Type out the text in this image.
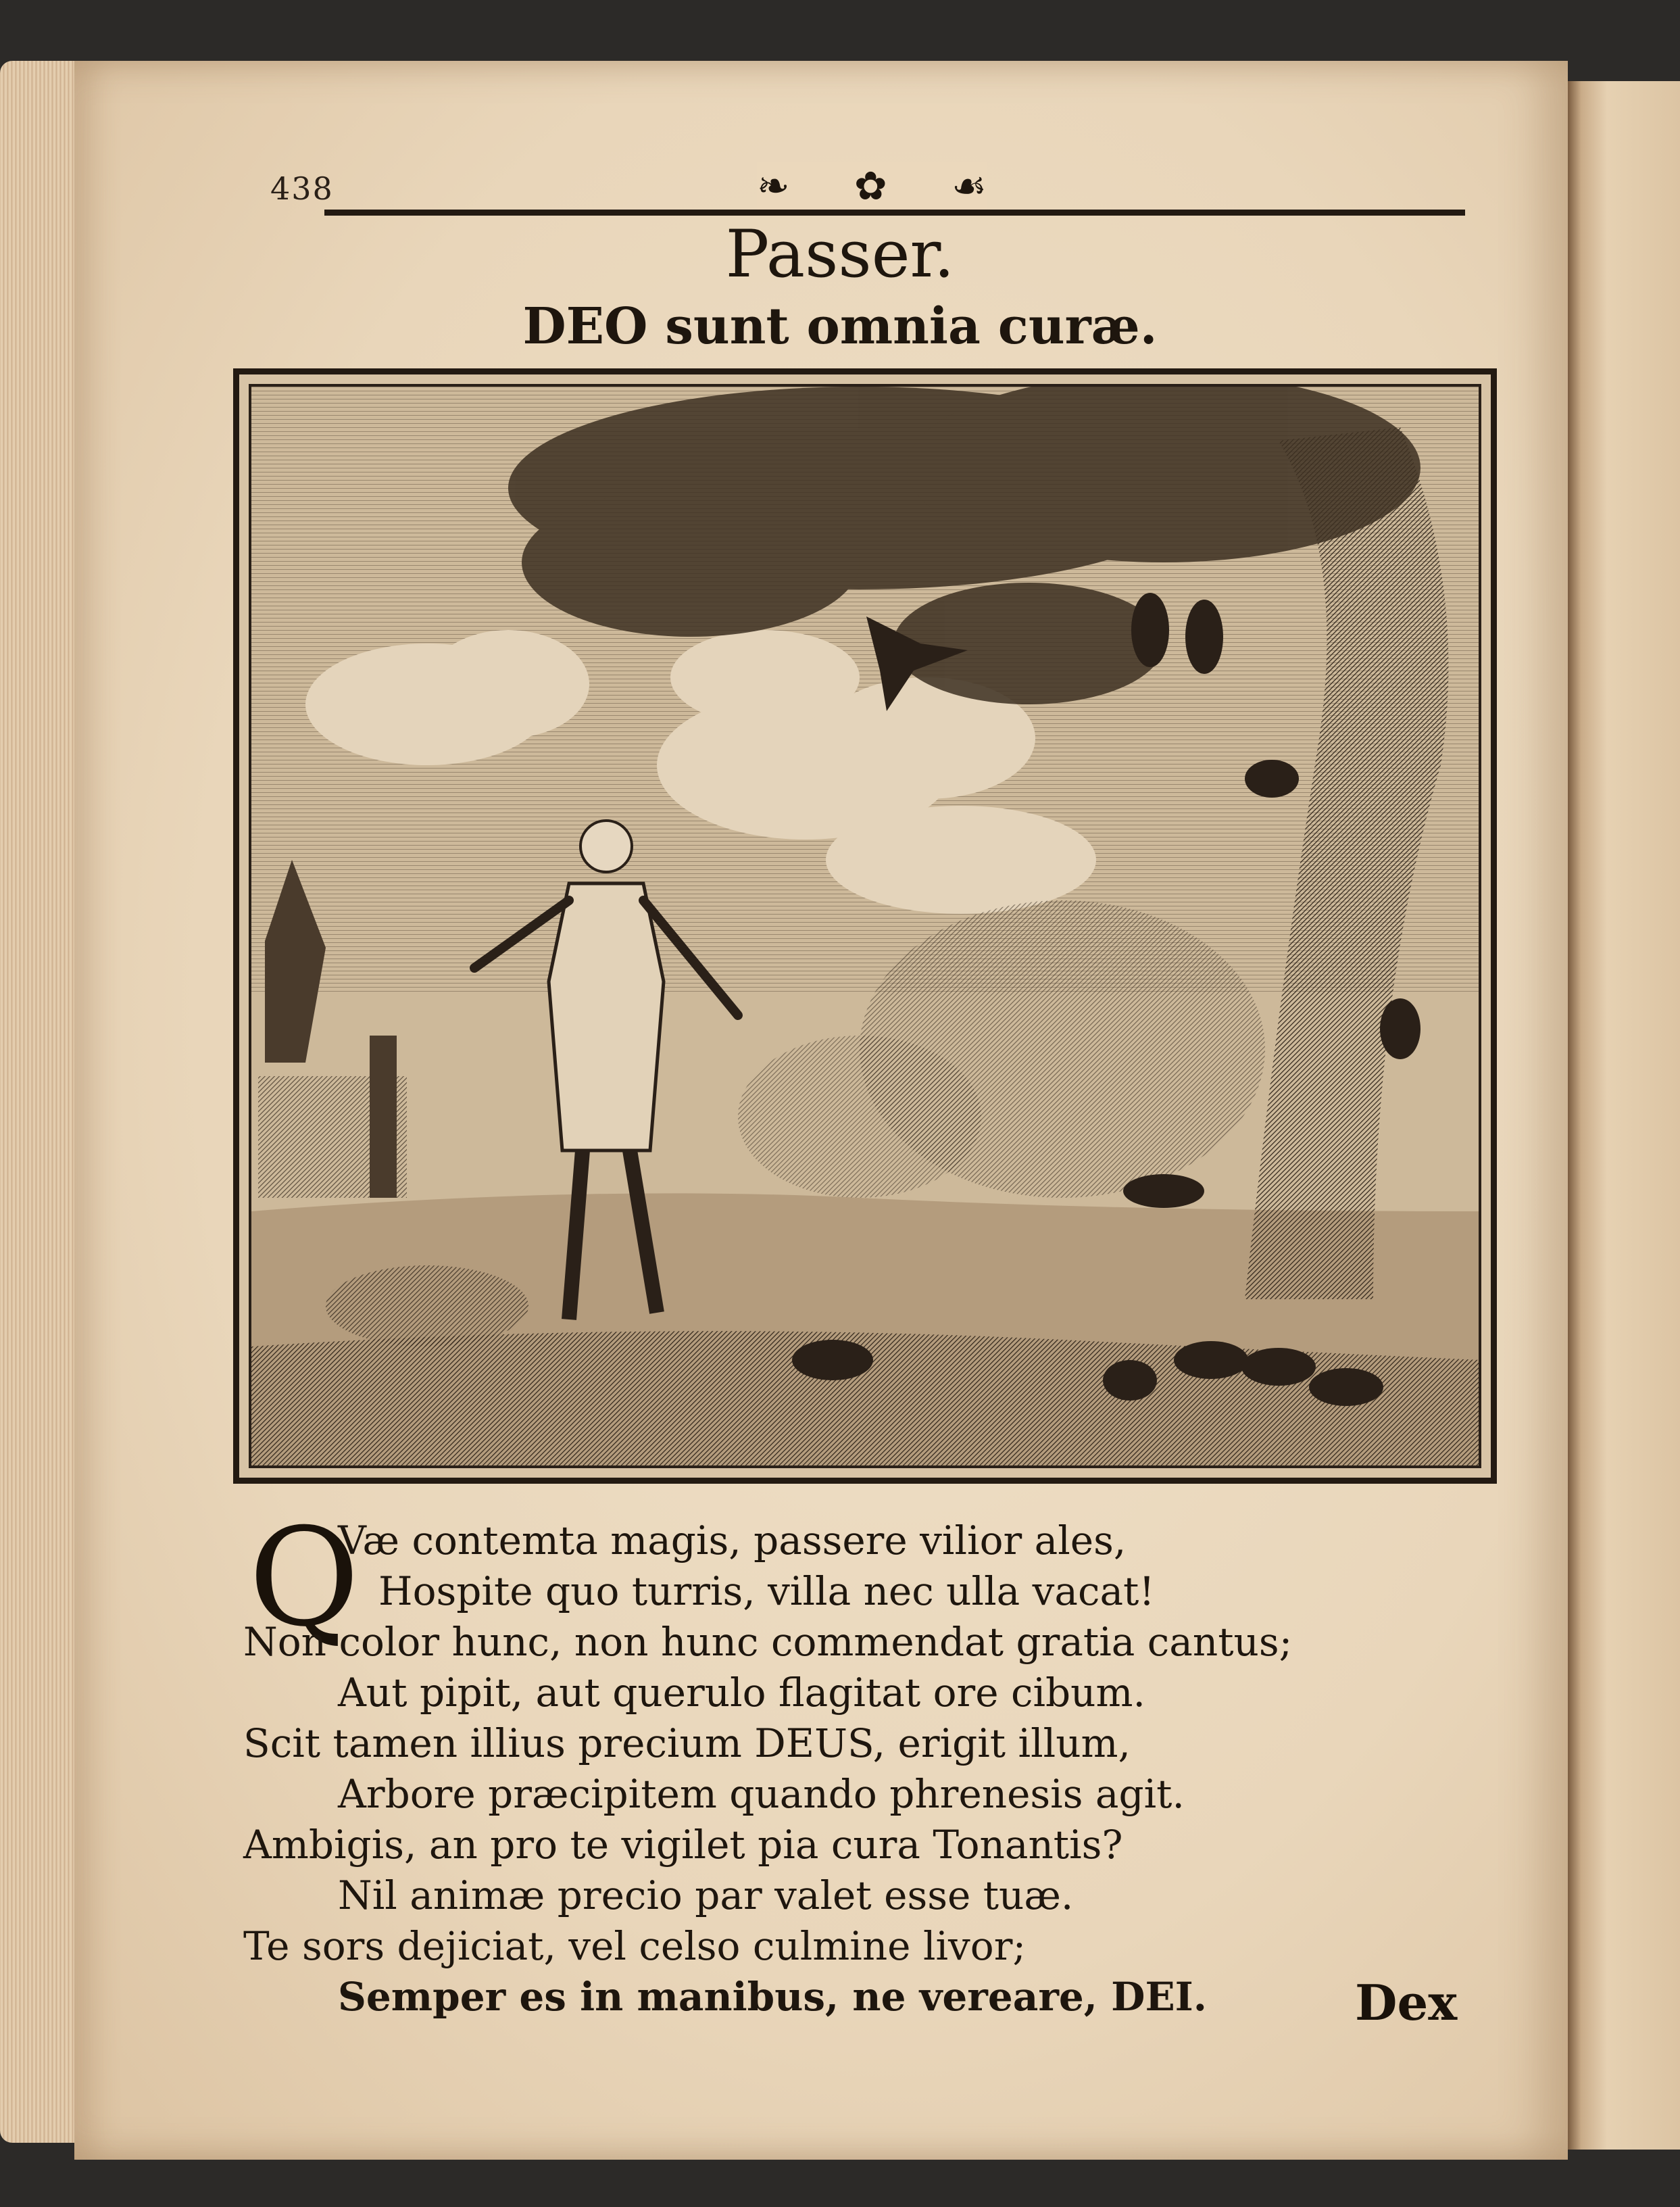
438	❧ ✿ ☙
Passer.
DEO sunt omnia curæ.
Q
Væ contemta magis, passere vilior ales,
Hospite quo turris, villa nec ulla vacat!
Non color hunc, non hunc commendat gratia cantus;
Aut pipit, aut querulo flagitat ore cibum.
Scit tamen illius precium DEUS, erigit illum,
Arbore præcipitem quando phrenesis agit.
Ambigis, an pro te vigilet pia cura Tonantis?
Nil animæ precio par valet esse tuæ.
Te sors dejiciat, vel celso culmine livor;
Semper es in manibus, ne vereare, DEI.	Dex
